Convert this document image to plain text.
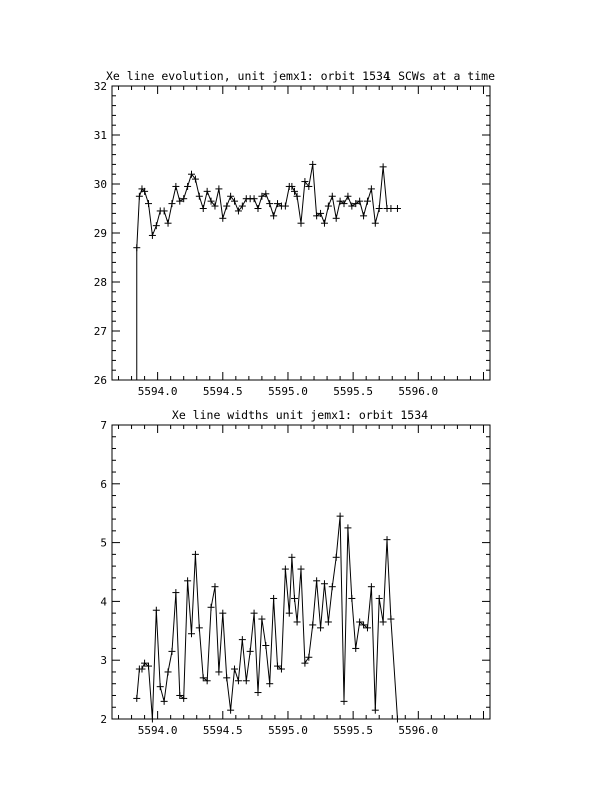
Xe line evolution, unit jemx1: orbit 1534
1 SCWs at a time
Xe line widths unit jemx1: orbit 1534
5594.0 5594.5 5595.0 5595.5 5596.0
26
27
28
29
30
31
32
5594.0 5594.5 5595.0 5595.5 5596.0
2
3
4
5
6
7
